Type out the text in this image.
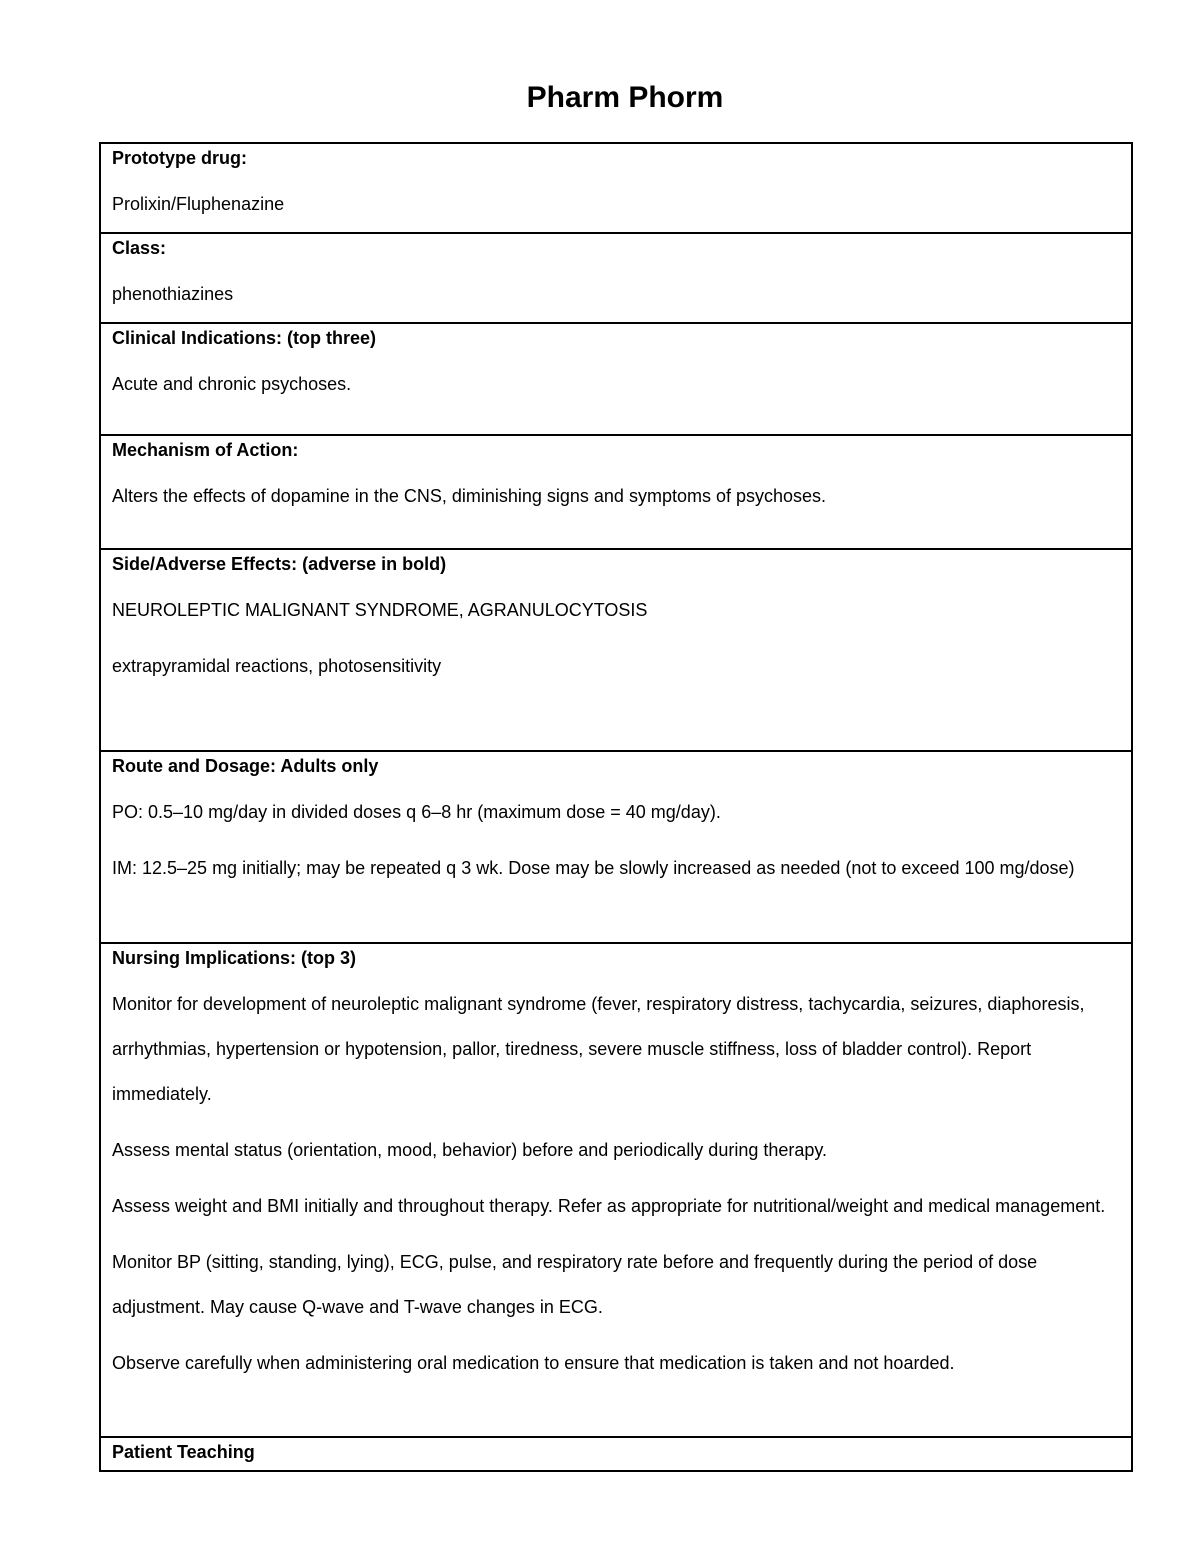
Pharm Phorm
Prototype drug:
Prolixin/Fluphenazine

Class:
phenothiazines

Clinical Indications: (top three)
Acute and chronic psychoses.

Mechanism of Action:
Alters the effects of dopamine in the CNS, diminishing signs and symptoms of psychoses.

Side/Adverse Effects: (adverse in bold)
NEUROLEPTIC MALIGNANT SYNDROME, AGRANULOCYTOSIS
extrapyramidal reactions, photosensitivity

Route and Dosage: Adults only
PO: 0.5–10 mg/day in divided doses q 6–8 hr (maximum dose = 40 mg/day).
IM: 12.5–25 mg initially; may be repeated q 3 wk. Dose may be slowly increased as needed (not to exceed 100 mg/dose)

Nursing Implications: (top 3)
Monitor for development of neuroleptic malignant syndrome (fever, respiratory distress, tachycardia, seizures, diaphoresis, arrhythmias, hypertension or hypotension, pallor, tiredness, severe muscle stiffness, loss of bladder control). Report immediately.
Assess mental status (orientation, mood, behavior) before and periodically during therapy.
Assess weight and BMI initially and throughout therapy. Refer as appropriate for nutritional/weight and medical management.
Monitor BP (sitting, standing, lying), ECG, pulse, and respiratory rate before and frequently during the period of dose adjustment. May cause Q-wave and T-wave changes in ECG.
Observe carefully when administering oral medication to ensure that medication is taken and not hoarded.

Patient Teaching
